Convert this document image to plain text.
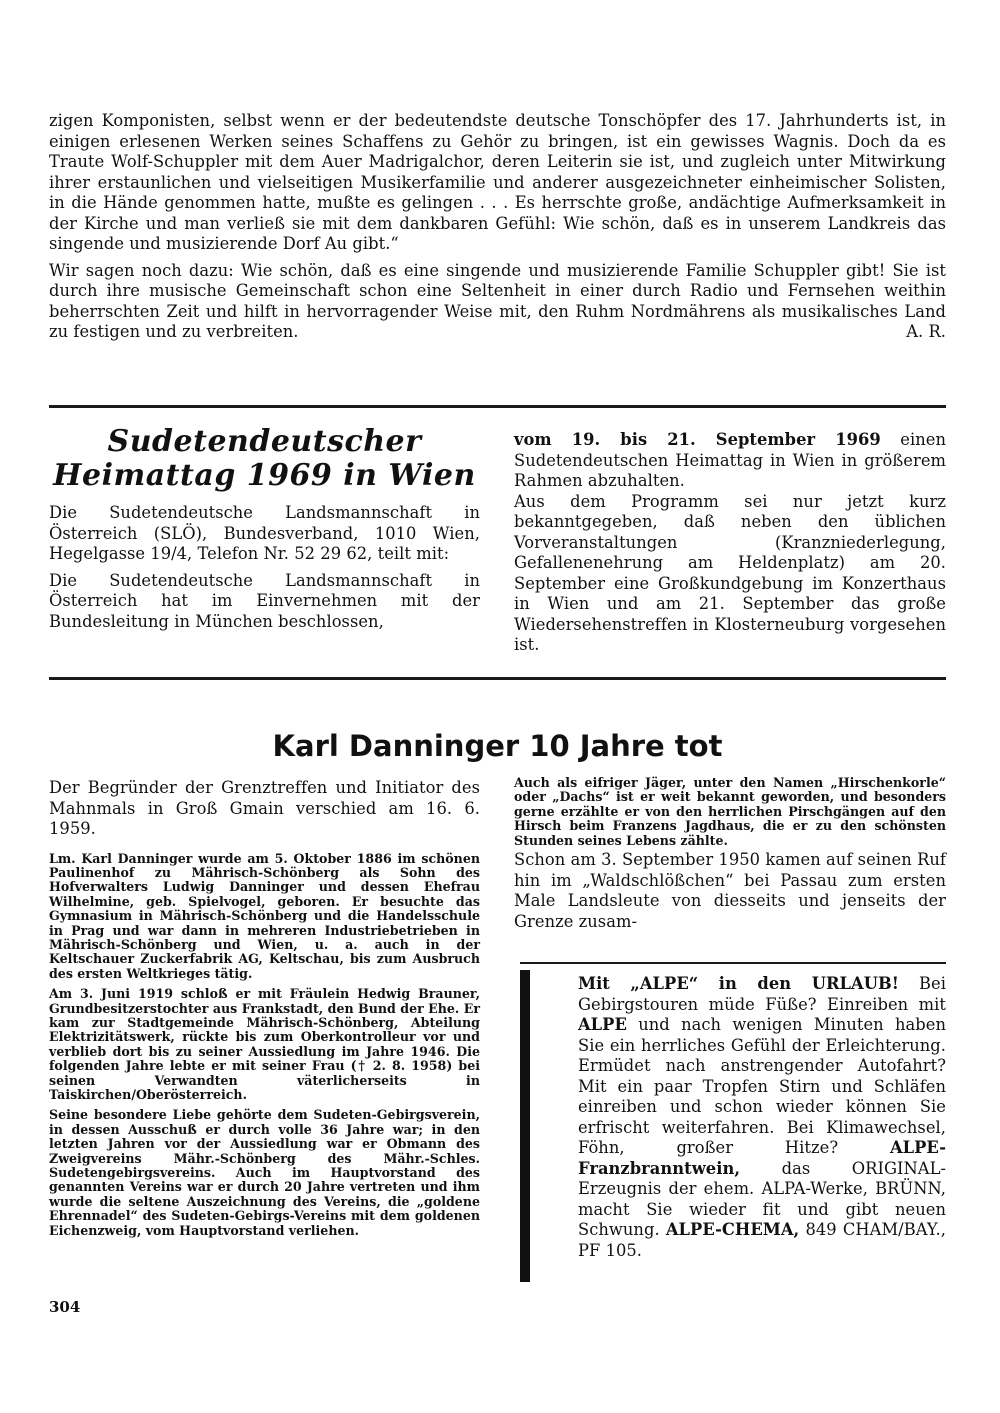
zigen Komponisten, selbst wenn er der bedeutendste deutsche Tonschöpfer des 17. Jahrhunderts ist, in einigen erlesenen Werken seines Schaffens zu Gehör zu bringen, ist ein gewisses Wagnis. Doch da es Traute Wolf-Schuppler mit dem Auer Madrigalchor, deren Leiterin sie ist, und zugleich unter Mitwirkung ihrer erstaunlichen und vielseitigen Musikerfamilie und anderer ausgezeichneter einheimischer Solisten, in die Hände genommen hatte, mußte es gelingen . . . Es herrschte große, andächtige Aufmerksamkeit in der Kirche und man verließ sie mit dem dankbaren Gefühl: Wie schön, daß es in unserem Landkreis das singende und musizierende Dorf Au gibt.“

Wir sagen noch dazu: Wie schön, daß es eine singende und musizierende Familie Schuppler gibt! Sie ist durch ihre musische Gemeinschaft schon eine Seltenheit in einer durch Radio und Fernsehen weithin beherrschten Zeit und hilft in hervorragender Weise mit, den Ruhm Nordmährens als musikalisches Land zu festigen und zu verbreiten.	A. R.

Sudetendeutscher
Heimattag 1969 in Wien

Die Sudetendeutsche Landsmannschaft in Österreich (SLÖ), Bundesverband, 1010 Wien, Hegelgasse 19/4, Telefon Nr. 52 29 62, teilt mit:

Die Sudetendeutsche Landsmannschaft in Österreich hat im Einvernehmen mit der Bundesleitung in München beschlossen,

vom 19. bis 21. September 1969 einen Sudetendeutschen Heimattag in Wien in größerem Rahmen abzuhalten.

Aus dem Programm sei nur jetzt kurz bekanntgegeben, daß neben den üblichen Vorveranstaltungen (Kranzniederlegung, Gefallenenehrung am Heldenplatz) am 20. September eine Großkundgebung im Konzerthaus in Wien und am 21. September das große Wiedersehenstreffen in Klosterneuburg vorgesehen ist.

Karl Danninger 10 Jahre tot

Der Begründer der Grenztreffen und Initiator des Mahnmals in Groß Gmain verschied am 16. 6. 1959.

Lm. Karl Danninger wurde am 5. Oktober 1886 im schönen Paulinenhof zu Mährisch-Schönberg als Sohn des Hofverwalters Ludwig Danninger und dessen Ehefrau Wilhelmine, geb. Spielvogel, geboren. Er besuchte das Gymnasium in Mährisch-Schönberg und die Handelsschule in Prag und war dann in mehreren Industriebetrieben in Mährisch-Schönberg und Wien, u. a. auch in der Keltschauer Zuckerfabrik AG, Keltschau, bis zum Ausbruch des ersten Weltkrieges tätig.

Am 3. Juni 1919 schloß er mit Fräulein Hedwig Brauner, Grundbesitzerstochter aus Frankstadt, den Bund der Ehe. Er kam zur Stadtgemeinde Mährisch-Schönberg, Abteilung Elektrizitätswerk, rückte bis zum Oberkontrolleur vor und verblieb dort bis zu seiner Aussiedlung im Jahre 1946. Die folgenden Jahre lebte er mit seiner Frau († 2. 8. 1958) bei seinen Verwandten väterlicherseits in Taiskirchen/Oberösterreich.

Seine besondere Liebe gehörte dem Sudeten-Gebirgsverein, in dessen Ausschuß er durch volle 36 Jahre war; in den letzten Jahren vor der Aussiedlung war er Obmann des Zweigvereins Mähr.-Schönberg des Mähr.-Schles. Sudetengebirgsvereins. Auch im Hauptvorstand des genannten Vereins war er durch 20 Jahre vertreten und ihm wurde die seltene Auszeichnung des Vereins, die „goldene Ehrennadel“ des Sudeten-Gebirgs-Vereins mit dem goldenen Eichenzweig, vom Hauptvorstand verliehen.

Auch als eifriger Jäger, unter den Namen „Hirschenkorle“ oder „Dachs“ ist er weit bekannt geworden, und besonders gerne erzählte er von den herrlichen Pirschgängen auf den Hirsch beim Franzens Jagdhaus, die er zu den schönsten Stunden seines Lebens zählte.

Schon am 3. September 1950 kamen auf seinen Ruf hin im „Waldschlößchen“ bei Passau zum ersten Male Landsleute von diesseits und jenseits der Grenze zusam-

Mit „ALPE“ in den URLAUB! Bei Gebirgstouren müde Füße? Einreiben mit ALPE und nach wenigen Minuten haben Sie ein herrliches Gefühl der Erleichterung. Ermüdet nach anstrengender Autofahrt? Mit ein paar Tropfen Stirn und Schläfen einreiben und schon wieder können Sie erfrischt weiterfahren. Bei Klimawechsel, Föhn, großer Hitze? ALPE-Franzbranntwein, das ORIGINAL-Erzeugnis der ehem. ALPA-Werke, BRÜNN, macht Sie wieder fit und gibt neuen Schwung. ALPE-CHEMA, 849 CHAM/BAY., PF 105.

304
